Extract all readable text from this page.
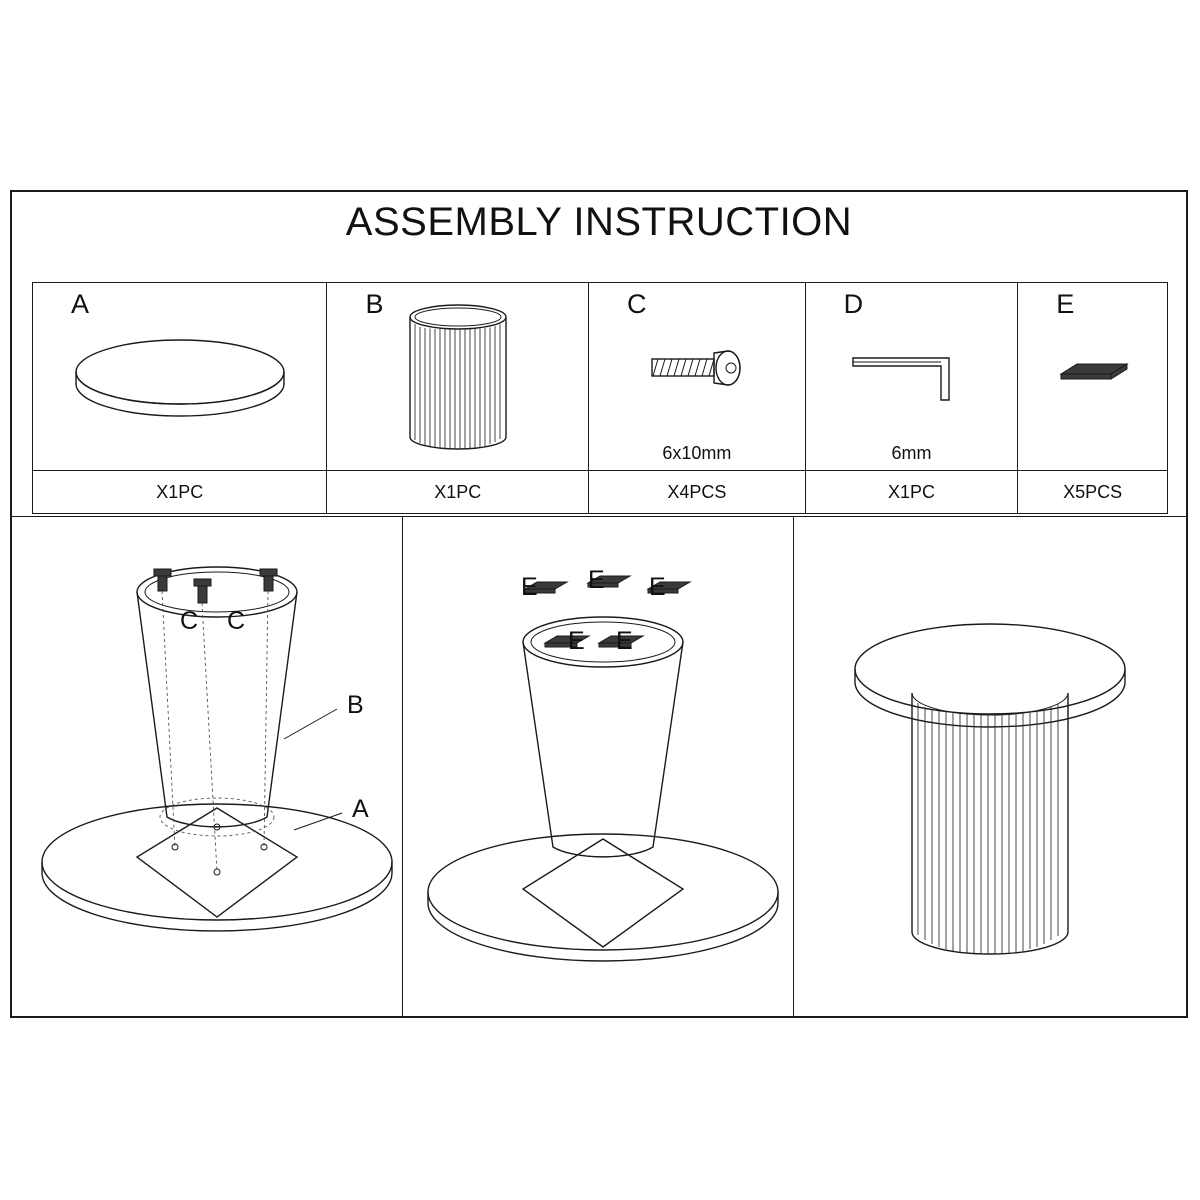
ASSEMBLY INSTRUCTION
A
X1PC
B
X1PC
C
6x10mm
X4PCS
D
6mm
X1PC
E
X5PCS
C C
B
A
E E E
E E
